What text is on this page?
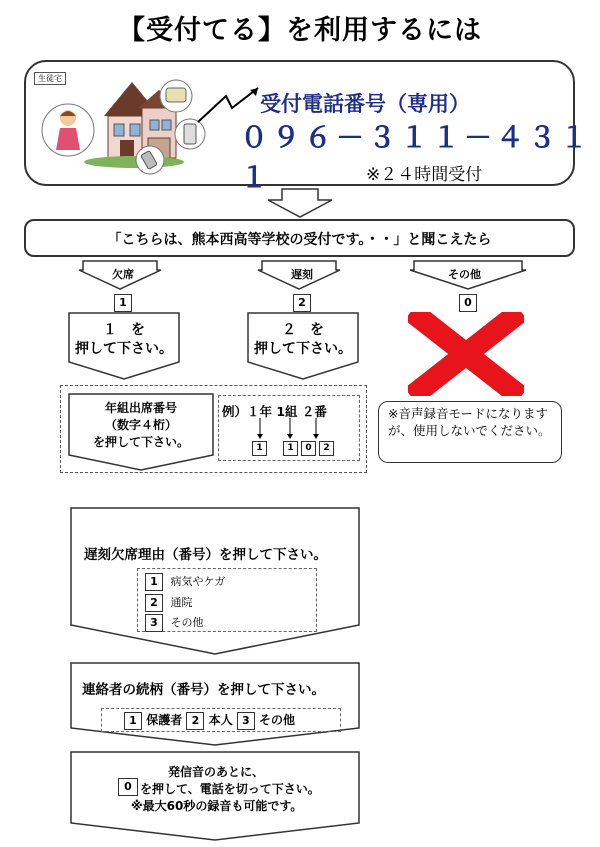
【受付てる】を利用するには
生徒宅
受付電話番号（専用）
０９６－３１１－４３１１	※２４時間受付
「こちらは、熊本西高等学校の受付です。・・」と聞こえたら
欠席	遅刻	その他
1	2	0
１　を
押して下さい。
２　を
押して下さい。
※音声録音モードになりますが、使用しないでください。
年組出席番号
（数字４桁）
を押して下さい。
例）１年 1組 ２番
1	1	0	2
遅刻欠席理由（番号）を押して下さい。
1 病気やケガ
2 通院
3 その他
連絡者の続柄（番号）を押して下さい。
1 保護者 2 本人 3 その他
発信音のあとに、
0 を押して、電話を切って下さい。
※最大60秒の録音も可能です。
